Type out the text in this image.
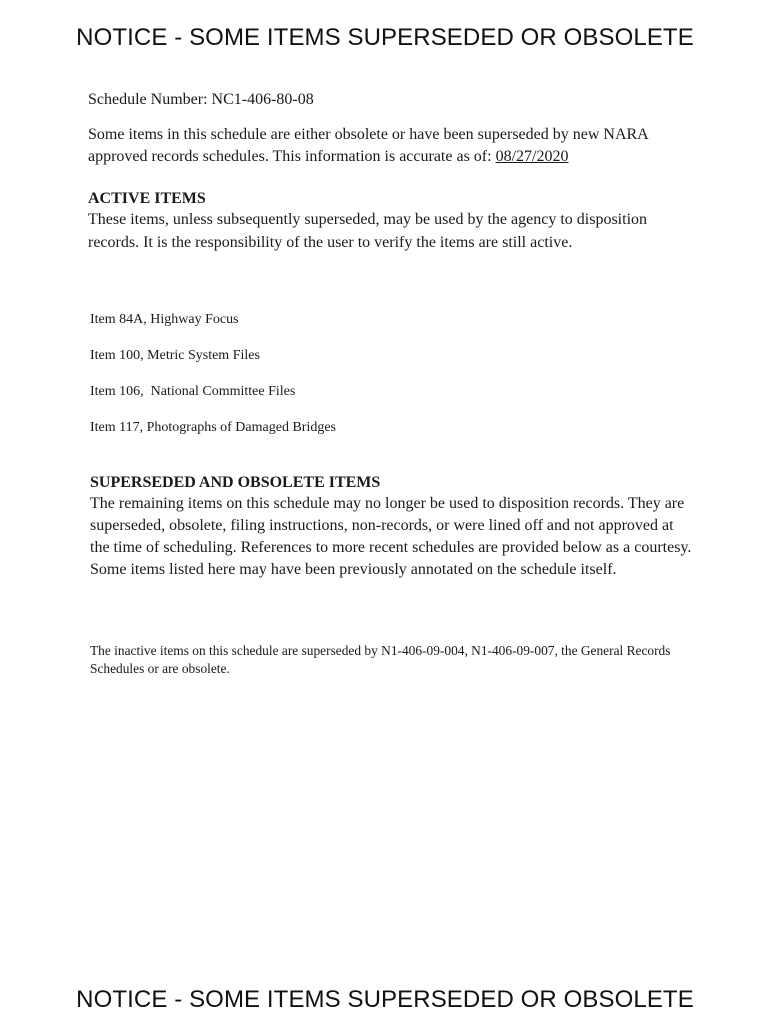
NOTICE - SOME ITEMS SUPERSEDED OR OBSOLETE
Schedule Number: NC1-406-80-08
Some items in this schedule are either obsolete or have been superseded by new NARA approved records schedules. This information is accurate as of: 08/27/2020
ACTIVE ITEMS
These items, unless subsequently superseded, may be used by the agency to disposition records. It is the responsibility of the user to verify the items are still active.
Item 84A, Highway Focus
Item 100, Metric System Files
Item 106,  National Committee Files
Item 117, Photographs of Damaged Bridges
SUPERSEDED AND OBSOLETE ITEMS
The remaining items on this schedule may no longer be used to disposition records. They are superseded, obsolete, filing instructions, non-records, or were lined off and not approved at the time of scheduling. References to more recent schedules are provided below as a courtesy. Some items listed here may have been previously annotated on the schedule itself.
The inactive items on this schedule are superseded by N1-406-09-004, N1-406-09-007, the General Records Schedules or are obsolete.
NOTICE - SOME ITEMS SUPERSEDED OR OBSOLETE
